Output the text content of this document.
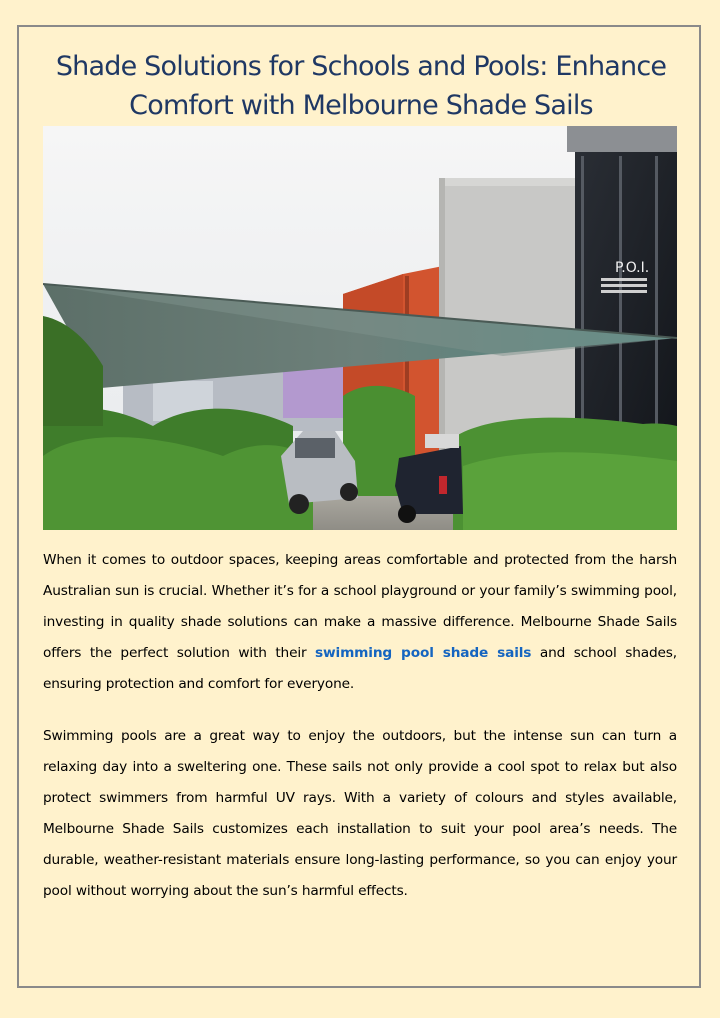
Shade Solutions for Schools and Pools: Enhance Comfort with Melbourne Shade Sails
P.O.I.

When it comes to outdoor spaces, keeping areas comfortable and protected from the harsh Australian sun is crucial. Whether it’s for a school playground or your family’s swimming pool, investing in quality shade solutions can make a massive difference. Melbourne Shade Sails offers the perfect solution with their swimming pool shade sails and school shades, ensuring protection and comfort for everyone.

Swimming pools are a great way to enjoy the outdoors, but the intense sun can turn a relaxing day into a sweltering one. These sails not only provide a cool spot to relax but also protect swimmers from harmful UV rays. With a variety of colours and styles available, Melbourne Shade Sails customizes each installation to suit your pool area’s needs. The durable, weather-resistant materials ensure long-lasting performance, so you can enjoy your pool without worrying about the sun’s harmful effects.
